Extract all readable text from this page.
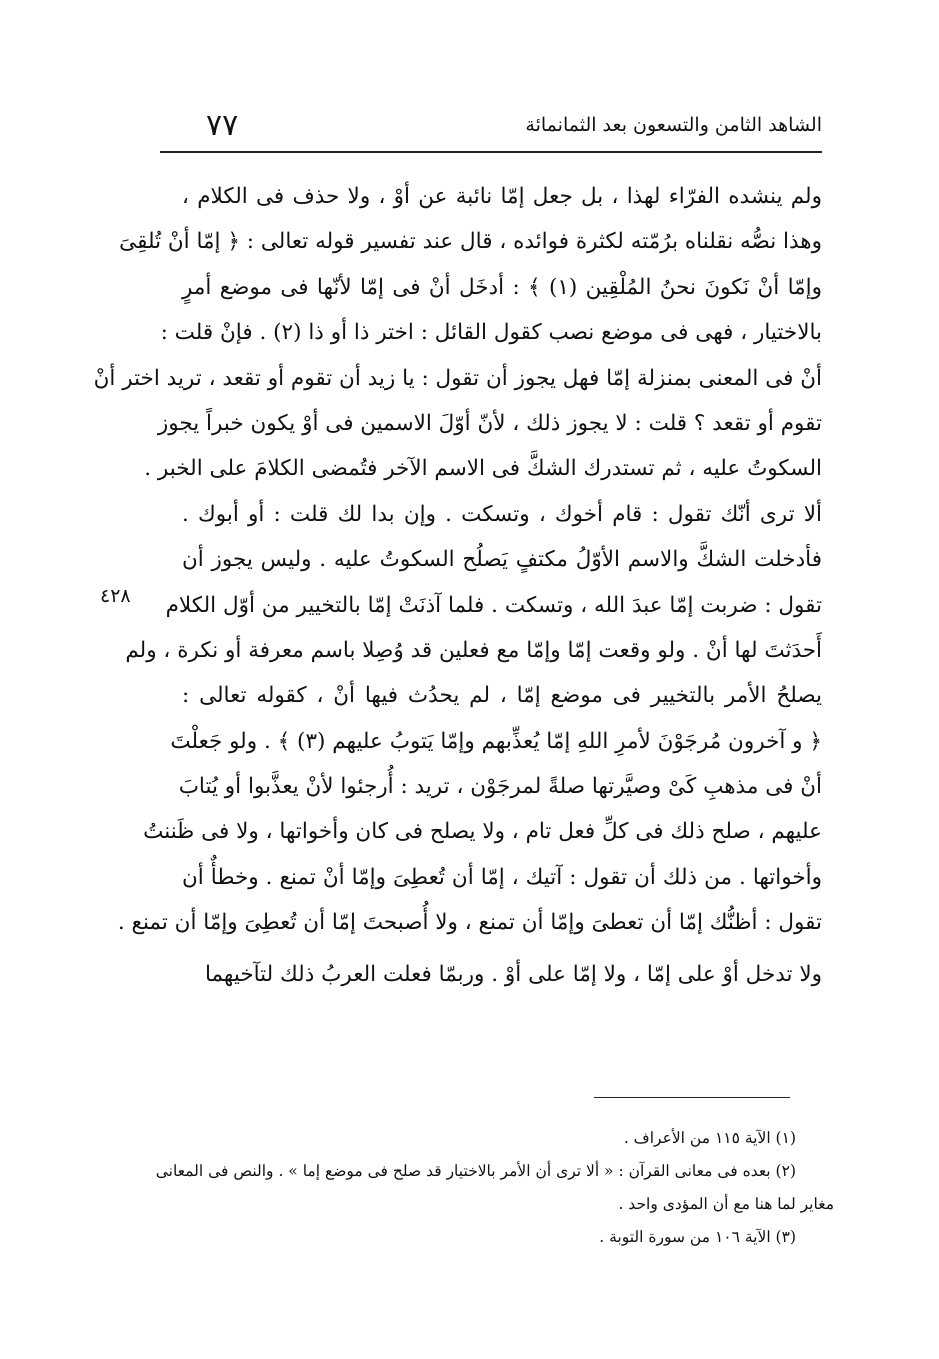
٧٧	الشاهد الثامن والتسعون بعد الثمانمائة
٤٢٨
ولم ينشده الفرّاء لهذا ، بل جعل إمّا نائبة عن أوْ ، ولا حذف فى الكلام ،
وهذا نصُّه نقلناه برُمّته لكثرة فوائده ، قال عند تفسير قوله تعالى : ﴿ إمّا أنْ تُلقِىَ
وإمّا أنْ نَكونَ نحنُ المُلْقِين (١) ﴾ : أدخَل أنْ فى إمّا لأنّها فى موضع أمرٍ
بالاختيار ، فهى فى موضع نصب كقول القائل : اختر ذا أو ذا (٢) . فإنْ قلت :
أنْ فى المعنى بمنزلة إمّا فهل يجوز أن تقول : يا زيد أن تقوم أو تقعد ، تريد اختر أنْ
تقوم أو تقعد ؟ قلت : لا يجوز ذلك ، لأنّ أوّلَ الاسمين فى أوْ يكون خبراً يجوز
السكوتُ عليه ، ثم تستدرك الشكَّ فى الاسم الآخر فتُمضى الكلامَ على الخبر .
ألا ترى أنّك تقول : قام أخوك ، وتسكت . وإن بدا لك قلت : أو أبوك .
فأدخلت الشكَّ والاسم الأوّلُ مكتفٍ يَصلُح السكوتُ عليه . وليس يجوز أن
تقول : ضربت إمّا عبدَ الله ، وتسكت . فلما آذنَتْ إمّا بالتخيير من أوّل الكلام
أَحدَثتَ لها أنْ . ولو وقعت إمّا وإمّا مع فعلين قد وُصِلا باسم معرفة أو نكرة ، ولم
يصلحُ الأمر بالتخيير فى موضع إمّا ، لم يحدُث فيها أنْ ، كقوله تعالى :
﴿ و آخرون مُرجَوْنَ لأمرِ اللهِ إمّا يُعذِّبهم وإمّا يَتوبُ عليهم (٣) ﴾ . ولو جَعلْتَ
أنْ فى مذهبِ كَىْ وصيَّرتها صلةً لمرجَوْن ، تريد : أُرجئوا لأنْ يعذَّبوا أو يُتابَ
عليهم ، صلح ذلك فى كلِّ فعل تام ، ولا يصلح فى كان وأخواتها ، ولا فى ظَننتُ
وأخواتها . من ذلك أن تقول : آتيك ، إمّا أن تُعطِىَ وإمّا أنْ تمنع . وخطأٌ أن
تقول : أظنُّك إمّا أن تعطىَ وإمّا أن تمنع ، ولا أُصبحتَ إمّا أن تُعطِىَ وإمّا أن تمنع .
ولا تدخل أوْ على إمّا ، ولا إمّا على أوْ . وربمّا فعلت العربُ ذلك لتآخيهما
(١) الآية ١١٥ من الأعراف .
(٢) بعده فى معانى القرآن : « ألا ترى أن الأمر بالاختيار قد صلح فى موضع إما » . والنص فى المعانى
مغاير لما هنا مع أن المؤدى واحد .
(٣) الآية ١٠٦ من سورة التوبة .
